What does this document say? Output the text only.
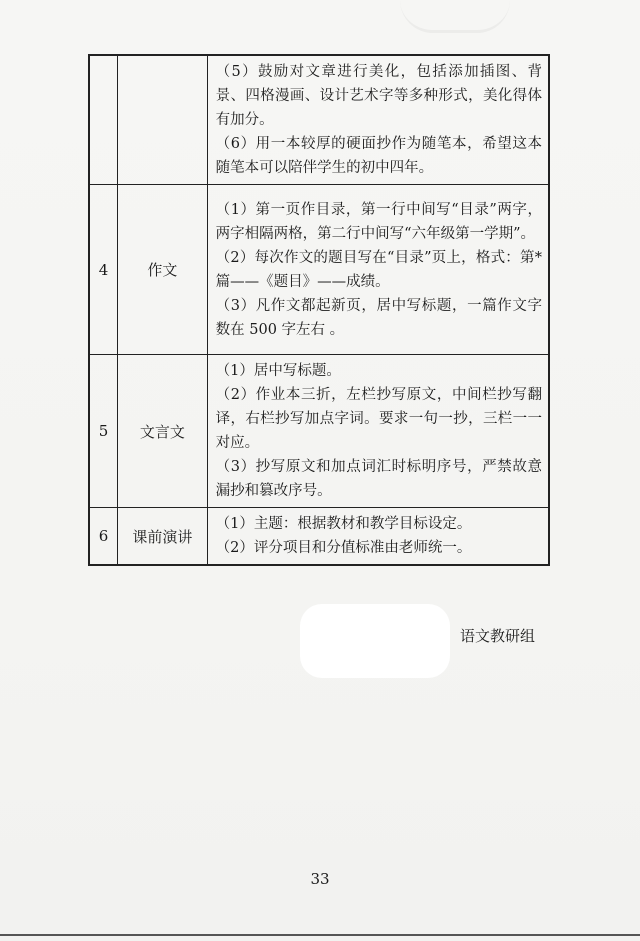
		（5）鼓励对文章进行美化，包括添加插图、背景、四格漫画、设计艺术字等多种形式，美化得体有加分。

（6）用一本较厚的硬面抄作为随笔本，希望这本随笔本可以陪伴学生的初中四年。

4	作文	（1）第一页作目录，第一行中间写“目录”两字，两字相隔两格，第二行中间写“六年级第一学期”。

（2）每次作文的题目写在“目录”页上，格式：第* 篇——《题目》——成绩。

（3）凡作文都起新页，居中写标题，一篇作文字数在 500 字左右 。

5	文言文	（1）居中写标题。

（2）作业本三折，左栏抄写原文，中间栏抄写翻译，右栏抄写加点字词。要求一句一抄，三栏一一对应。

（3）抄写原文和加点词汇时标明序号，严禁故意漏抄和篡改序号。

6	课前演讲	（1）主题：根据教材和教学目标设定。

（2）评分项目和分值标准由老师统一。

语文教研组
33
